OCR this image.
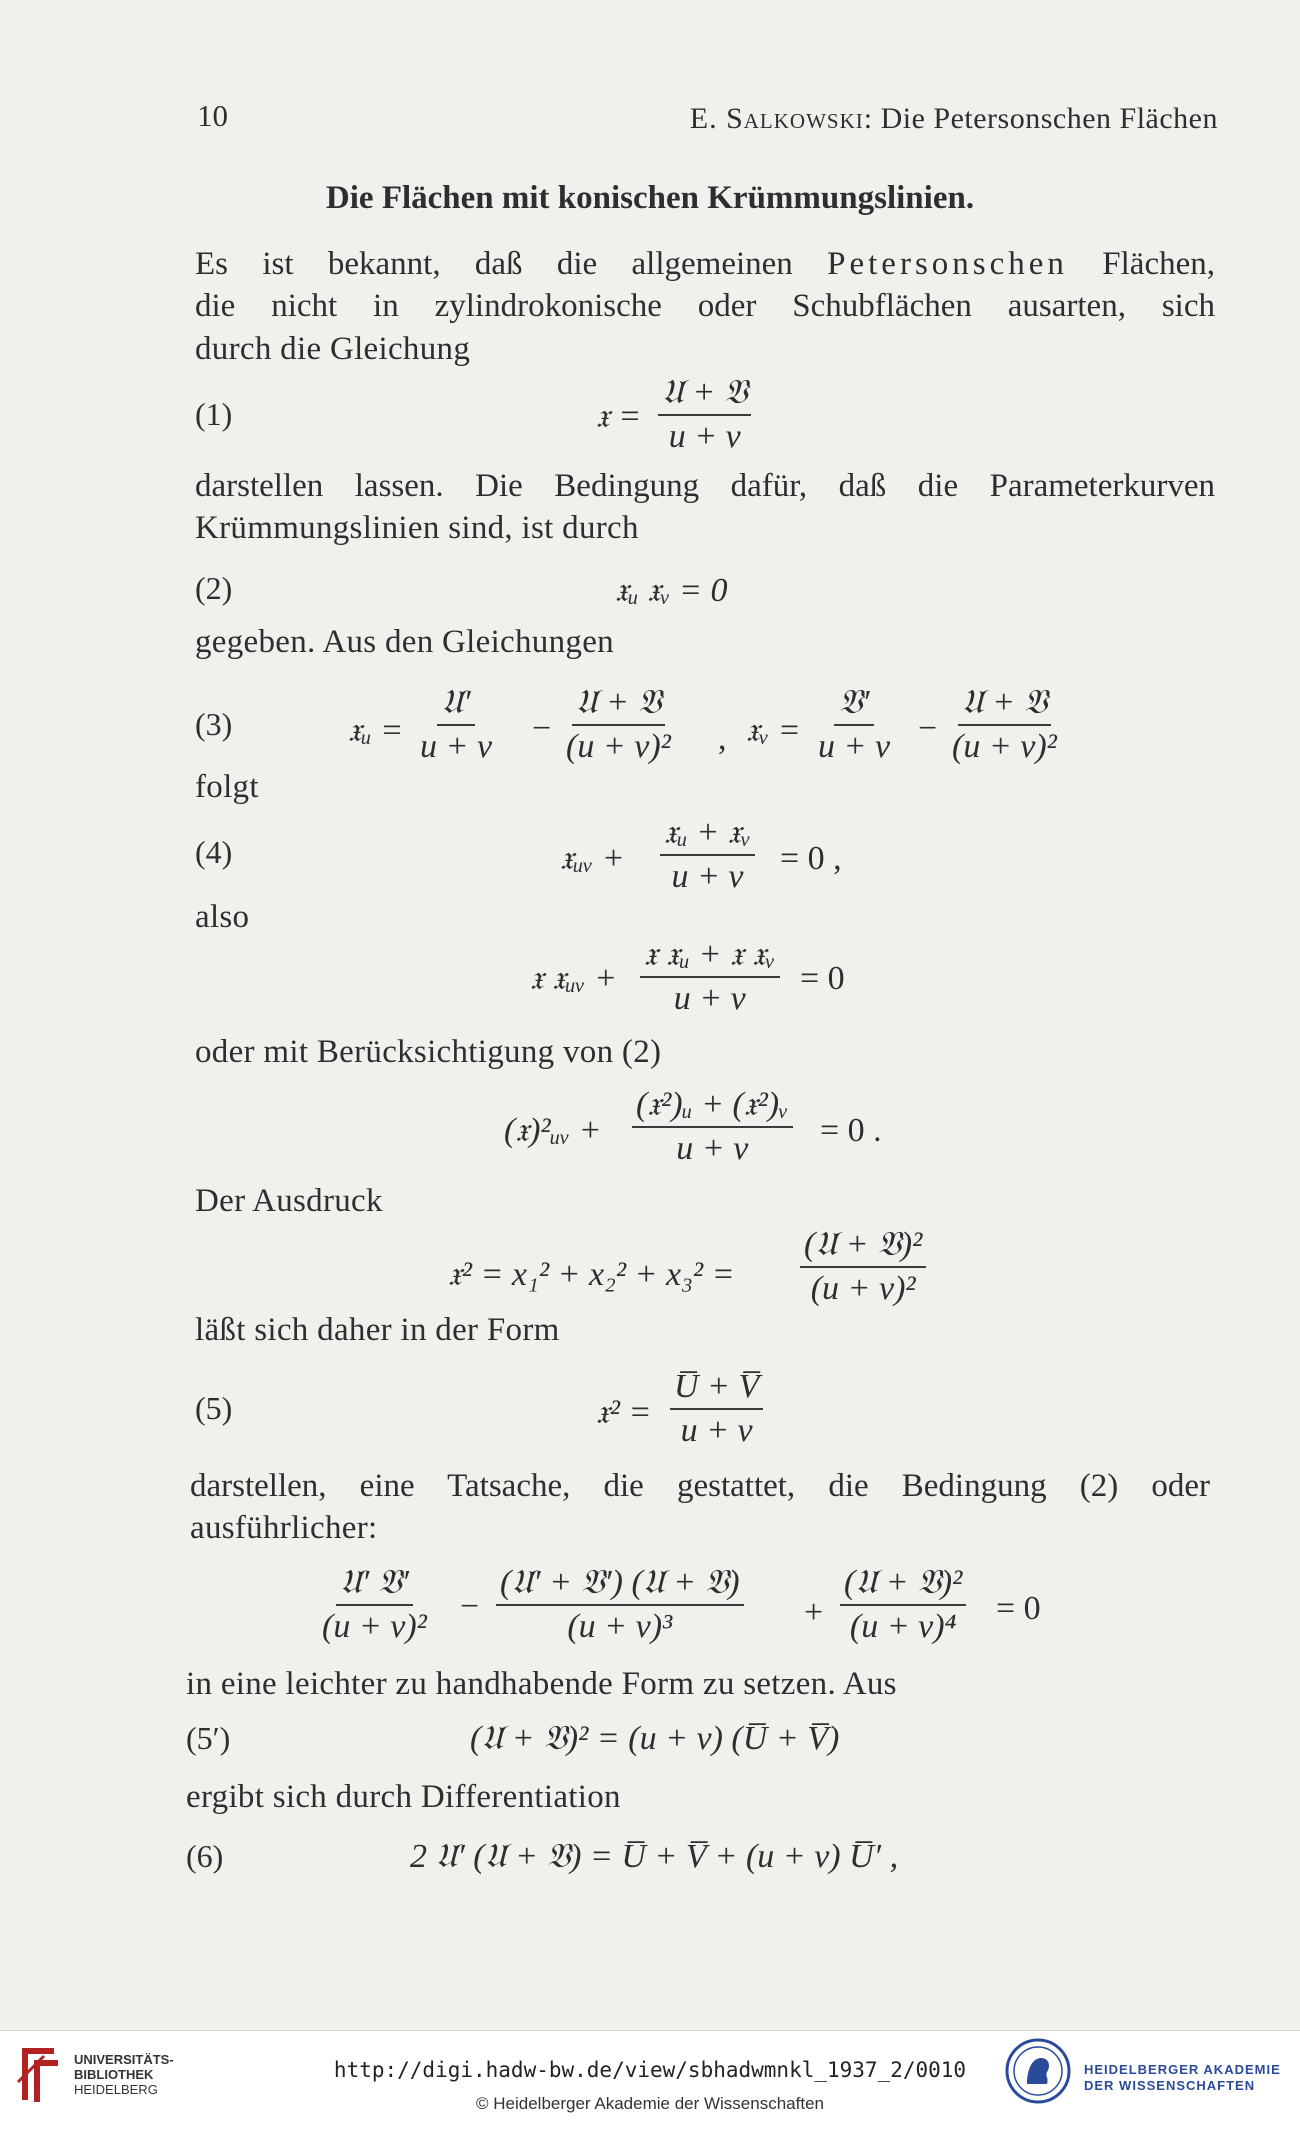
10	E. Salkowski: Die Petersonschen Flächen
Die Flächen mit konischen Krümmungslinien.
Es ist bekannt, daß die allgemeinen Petersonschen Flächen,
die nicht in zylindrokonische oder Schubflächen ausarten, sich
durch die Gleichung
(1)	𝔵 =
𝔘 + 𝔙
u + v
darstellen lassen. Die Bedingung dafür, daß die Parameterkurven
Krümmungslinien sind, ist durch
(2)	𝔵ᵤ 𝔵ᵥ = 0
gegeben. Aus den Gleichungen
(3)	𝔵ᵤ =
𝔘′
u + v −
𝔘 + 𝔙
(u + v)² , 𝔵ᵥ =
𝔙′
u + v −
𝔘 + 𝔙
(u + v)²
folgt
(4)	𝔵ᵤᵥ +
𝔵ᵤ + 𝔵ᵥ
u + v = 0 ,
also
𝔵 𝔵ᵤᵥ +
𝔵 𝔵ᵤ + 𝔵 𝔵ᵥ
u + v
= 0
oder mit Berücksichtigung von (2)
(𝔵)²ᵤᵥ +
(𝔵²)ᵤ + (𝔵²)ᵥ
u + v = 0 .
Der Ausdruck
𝔵² = x₁² + x₂² + x₃² =
(𝔘 + 𝔙)²
(u + v)²
läßt sich daher in der Form
(5)	𝔵² = $\frac{U̅ + V̅}{u + v}$
darstellen, eine Tatsache, die gestattet, die Bedingung (2) oder
ausführlicher:
𝔘′ 𝔙′
(u + v)²
−
(𝔘′ + 𝔙′) (𝔘 + 𝔙)
(u + v)³	+
(𝔘 + 𝔙)²
(u + v)⁴ = 0
in eine leichter zu handhabende Form zu setzen. Aus
(5′)	(𝔘 + 𝔙)² = (u + v) (U̅ + V̅)
ergibt sich durch Differentiation
(6)	2 𝔘′ (𝔘 + 𝔙) = U̅ + V̅ + (u + v) U̅′ ,
UNIVERSITÄTS-
BIBLIOTHEK
HEIDELBERG
http://digi.hadw-bw.de/view/sbhadwmnkl_1937_2/0010
© Heidelberger Akademie der Wissenschaften
HEIDELBERGER AKADEMIE
DER WISSENSCHAFTEN
